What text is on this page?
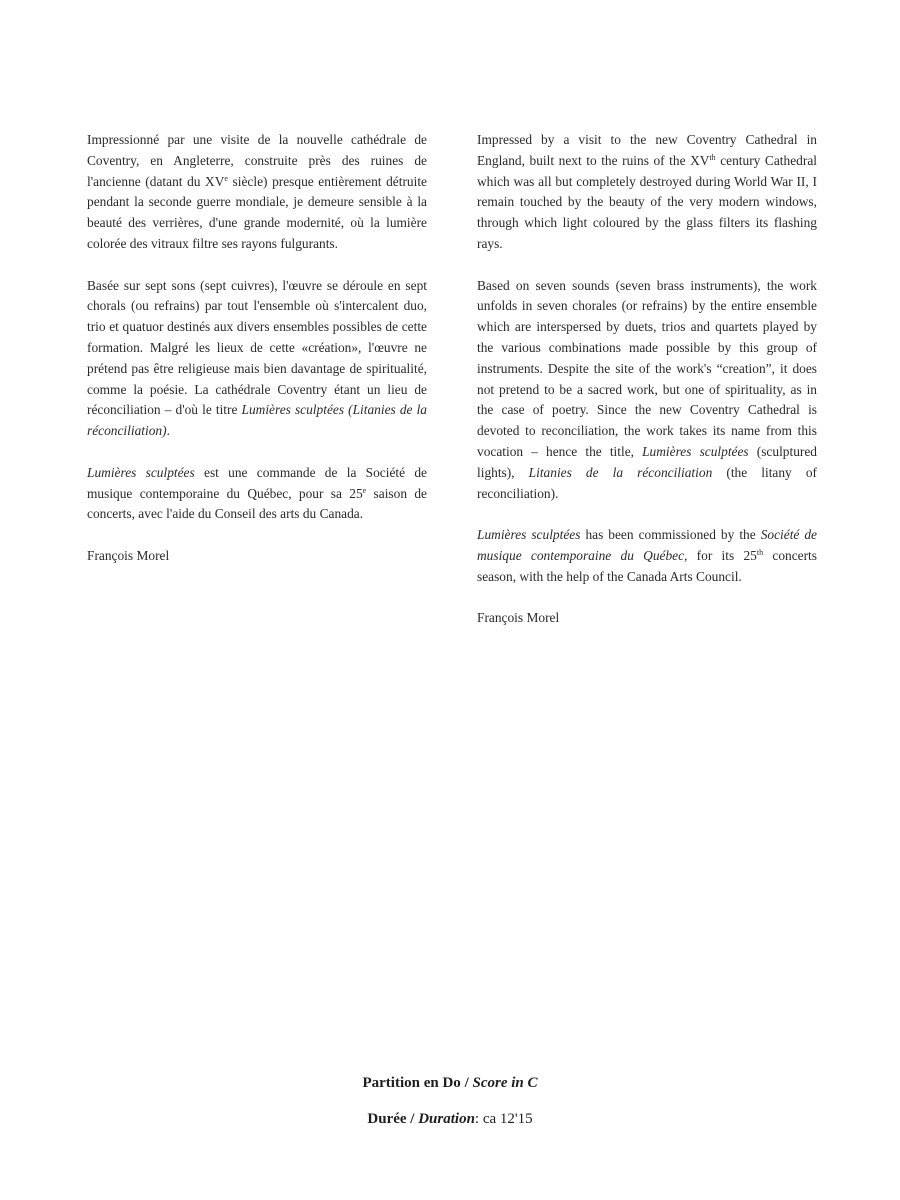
Impressionné par une visite de la nouvelle cathédrale de Coventry, en Angleterre, construite près des ruines de l'ancienne (datant du XVe siècle) presque entièrement détruite pendant la seconde guerre mondiale, je demeure sensible à la beauté des verrières, d'une grande modernité, où la lumière colorée des vitraux filtre ses rayons fulgurants.

Basée sur sept sons (sept cuivres), l'œuvre se déroule en sept chorals (ou refrains) par tout l'ensemble où s'intercalent duo, trio et quatuor destinés aux divers ensembles possibles de cette formation. Malgré les lieux de cette «création», l'œuvre ne prétend pas être religieuse mais bien davantage de spiritualité, comme la poésie. La cathédrale Coventry étant un lieu de réconciliation – d'où le titre Lumières sculptées (Litanies de la réconciliation).

Lumières sculptées est une commande de la Société de musique contemporaine du Québec, pour sa 25e saison de concerts, avec l'aide du Conseil des arts du Canada.

François Morel

Impressed by a visit to the new Coventry Cathedral in England, built next to the ruins of the XVth century Cathedral which was all but completely destroyed during World War II, I remain touched by the beauty of the very modern windows, through which light coloured by the glass filters its flashing rays.

Based on seven sounds (seven brass instruments), the work unfolds in seven chorales (or refrains) by the entire ensemble which are interspersed by duets, trios and quartets played by the various combinations made possible by this group of instruments. Despite the site of the work's “creation”, it does not pretend to be a sacred work, but one of spirituality, as in the case of poetry. Since the new Coventry Cathedral is devoted to reconciliation, the work takes its name from this vocation – hence the title, Lumières sculptées (sculptured lights), Litanies de la réconciliation (the litany of reconciliation).

Lumières sculptées has been commissioned by the Société de musique contemporaine du Québec, for its 25th concerts season, with the help of the Canada Arts Council.

François Morel

Partition en Do / Score in C
Durée / Duration: ca 12'15
